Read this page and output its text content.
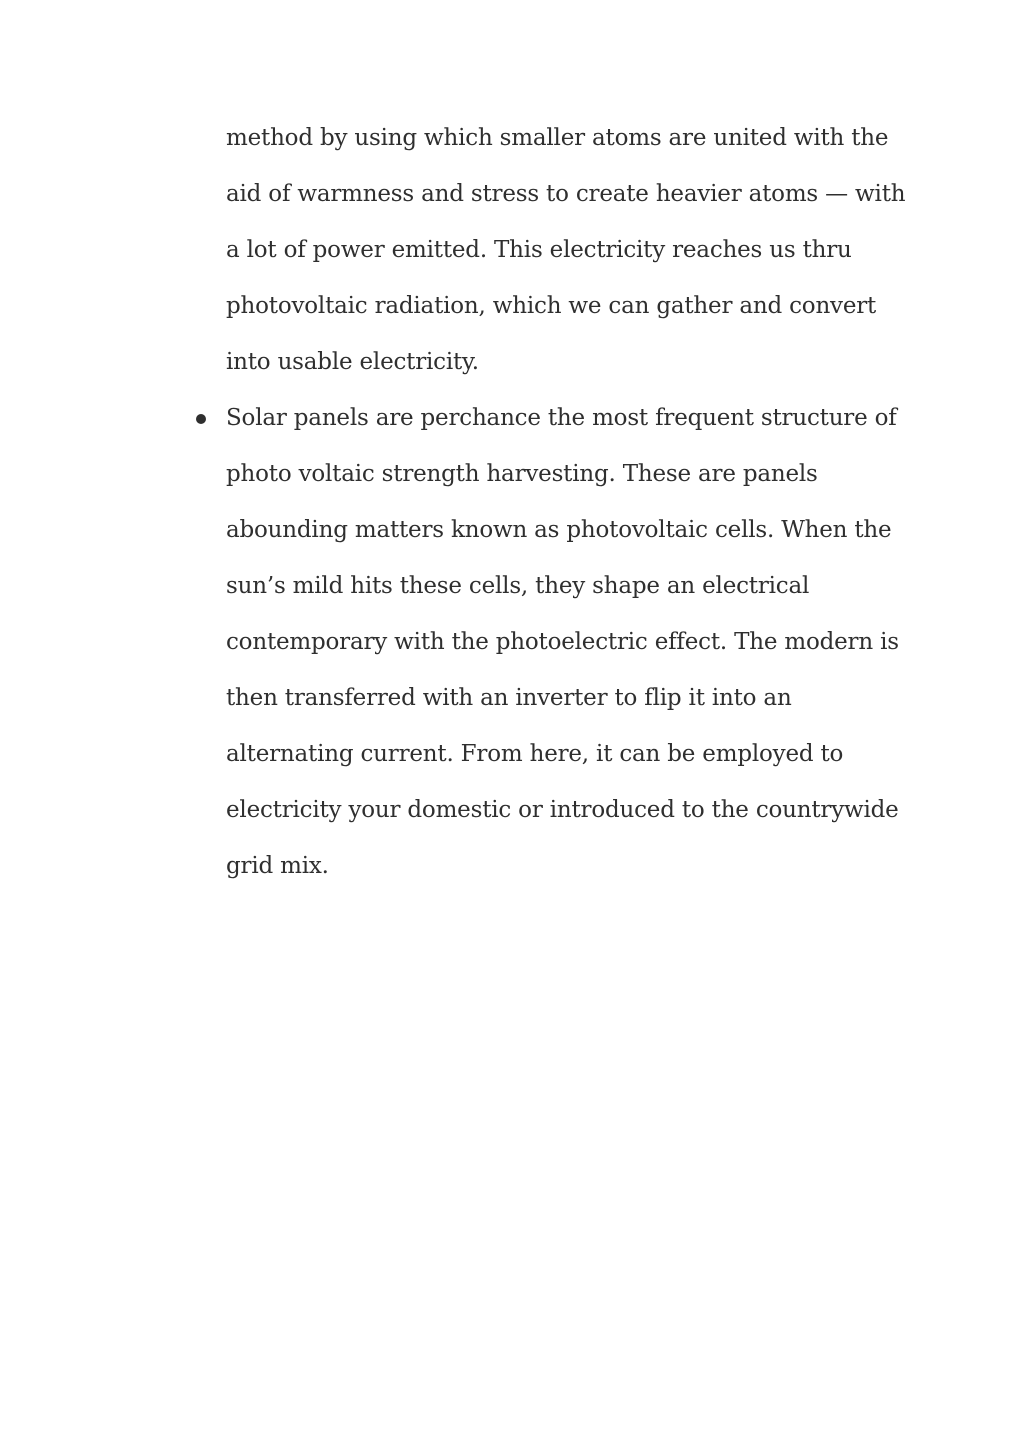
method by using which smaller atoms are united with the
aid of warmness and stress to create heavier atoms — with
a lot of power emitted. This electricity reaches us thru
photovoltaic radiation, which we can gather and convert
into usable electricity.
Solar panels are perchance the most frequent structure of
photo voltaic strength harvesting. These are panels
abounding matters known as photovoltaic cells. When the
sun’s mild hits these cells, they shape an electrical
contemporary with the photoelectric effect. The modern is
then transferred with an inverter to flip it into an
alternating current. From here, it can be employed to
electricity your domestic or introduced to the countrywide
grid mix.
